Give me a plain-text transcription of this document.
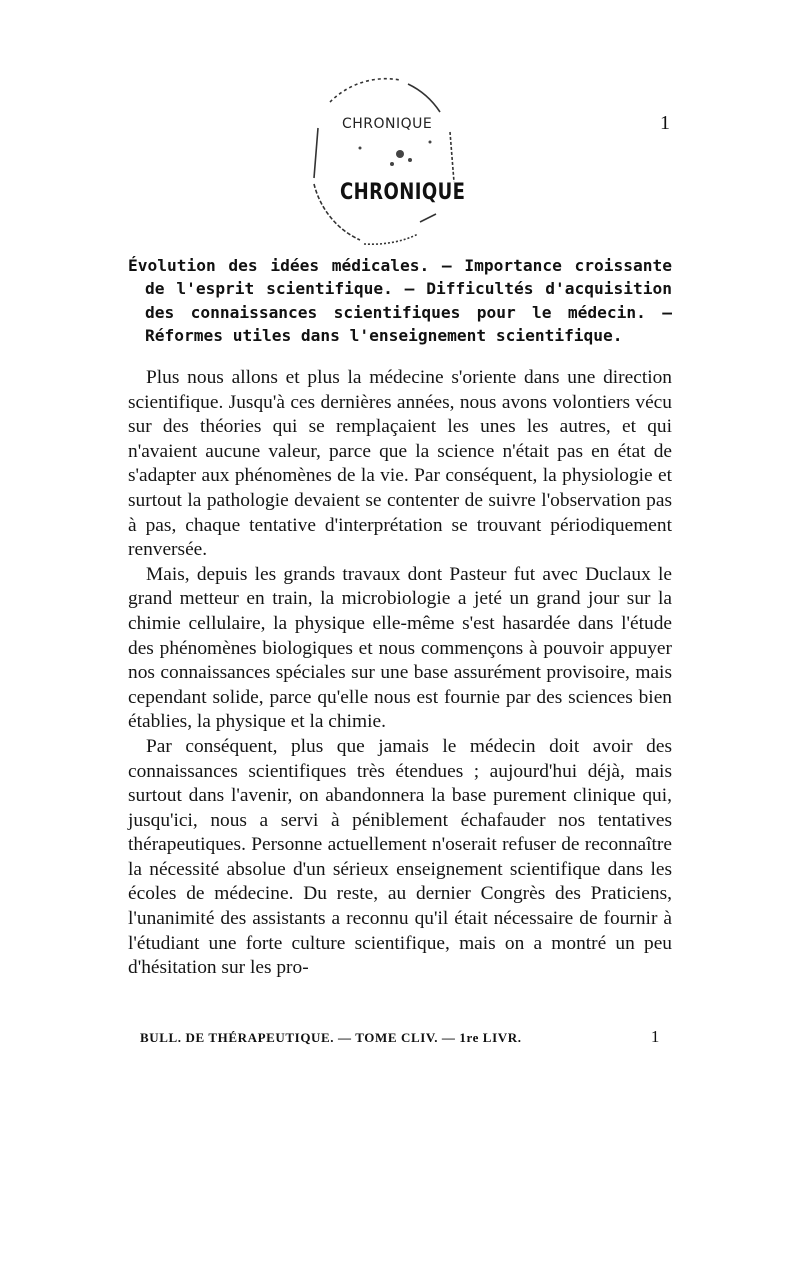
CHRONIQUE
CHRONIQUE
1

Évolution des idées médicales. — Importance croissante de l'esprit scientifique. — Difficultés d'acquisition des connaissances scientifiques pour le médecin. — Réformes utiles dans l'enseignement scientifique.

Plus nous allons et plus la médecine s'oriente dans une direction scientifique. Jusqu'à ces dernières années, nous avons volontiers vécu sur des théories qui se remplaçaient les unes les autres, et qui n'avaient aucune valeur, parce que la science n'était pas en état de s'adapter aux phénomènes de la vie. Par conséquent, la physiologie et surtout la pathologie devaient se contenter de suivre l'observation pas à pas, chaque tentative d'interprétation se trouvant périodiquement renversée.

Mais, depuis les grands travaux dont Pasteur fut avec Duclaux le grand metteur en train, la microbiologie a jeté un grand jour sur la chimie cellulaire, la physique elle-même s'est hasardée dans l'étude des phénomènes biologiques et nous commençons à pouvoir appuyer nos connaissances spéciales sur une base assurément provisoire, mais cependant solide, parce qu'elle nous est fournie par des sciences bien établies, la physique et la chimie.

Par conséquent, plus que jamais le médecin doit avoir des connaissances scientifiques très étendues ; aujourd'hui déjà, mais surtout dans l'avenir, on abandonnera la base purement clinique qui, jusqu'ici, nous a servi à péniblement échafauder nos tentatives thérapeutiques. Personne actuellement n'oserait refuser de reconnaître la nécessité absolue d'un sérieux enseignement scientifique dans les écoles de médecine. Du reste, au dernier Congrès des Praticiens, l'unanimité des assistants a reconnu qu'il était nécessaire de fournir à l'étudiant une forte culture scientifique, mais on a montré un peu d'hésitation sur les pro-

BULL. DE THÉRAPEUTIQUE. — TOME CLIV. — 1re LIVR.	1
